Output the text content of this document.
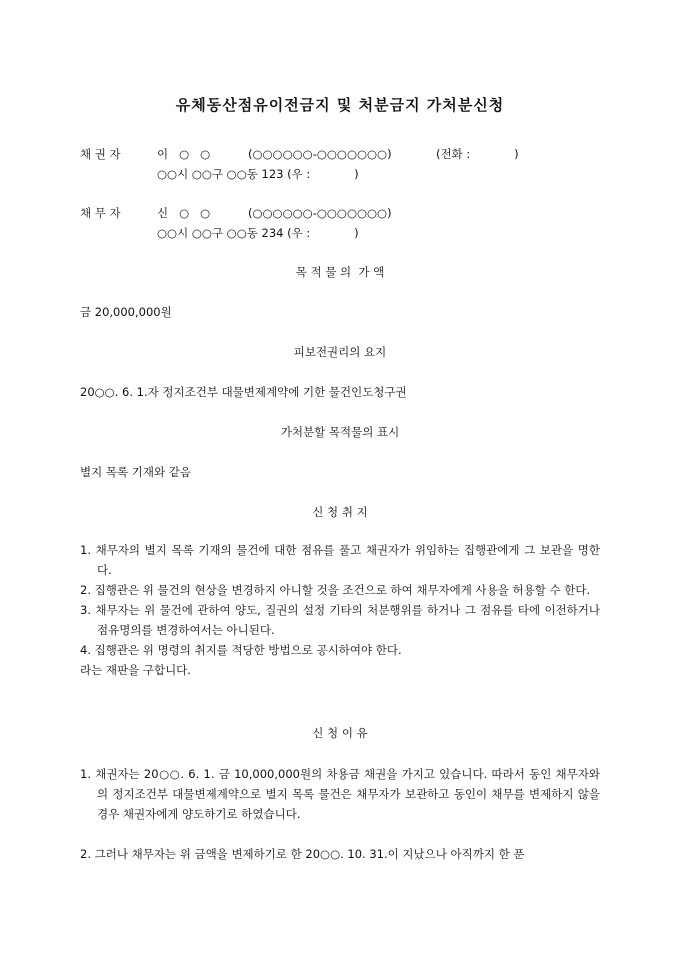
유체동산점유이전금지 및 처분금지 가처분신청
채 권 자	이   ○   ○	(○○○○○○-○○○○○○○)	(전화 :            )
○○시 ○○구 ○○동 123 (우 :            )
채 무 자	신   ○   ○	(○○○○○○-○○○○○○○)
○○시 ○○구 ○○동 234 (우 :            )
목 적 물 의  가 액
금 20,000,000원
피보전권리의 요지
20○○. 6. 1.자 정지조건부 대물변제계약에 기한 물건인도청구권
가처분할 목적물의 표시
별지 목록 기재와 같음
신 청 취 지
1. 채무자의 별지 목록 기재의 물건에 대한 점유를 풀고 채권자가 위임하는 집행관에게 그 보관을 명한다.
2. 집행관은 위 물건의 현상을 변경하지 아니할 것을 조건으로 하여 채무자에게 사용을 허용할 수 한다.
3. 채무자는 위 물건에 관하여 양도, 질권의 설정 기타의 처분행위를 하거나 그 점유를 타에 이전하거나 점유명의를 변경하여서는 아니된다.
4. 집행관은 위 명령의 취지를 적당한 방법으로 공시하여야 한다.
라는 재판을 구합니다.
신 청 이 유
1. 채권자는 20○○. 6. 1. 금 10,000,000원의 차용금 채권을 가지고 있습니다. 따라서 동인 채무자와의 정지조건부 대물변제계약으로 별지 목록 물건은 채무자가 보관하고 동인이 채무를 변제하지 않을 경우 채권자에게 양도하기로 하였습니다.
2. 그러나 채무자는 위 금액을 변제하기로 한 20○○. 10. 31.이 지났으나 아직까지 한 푼
